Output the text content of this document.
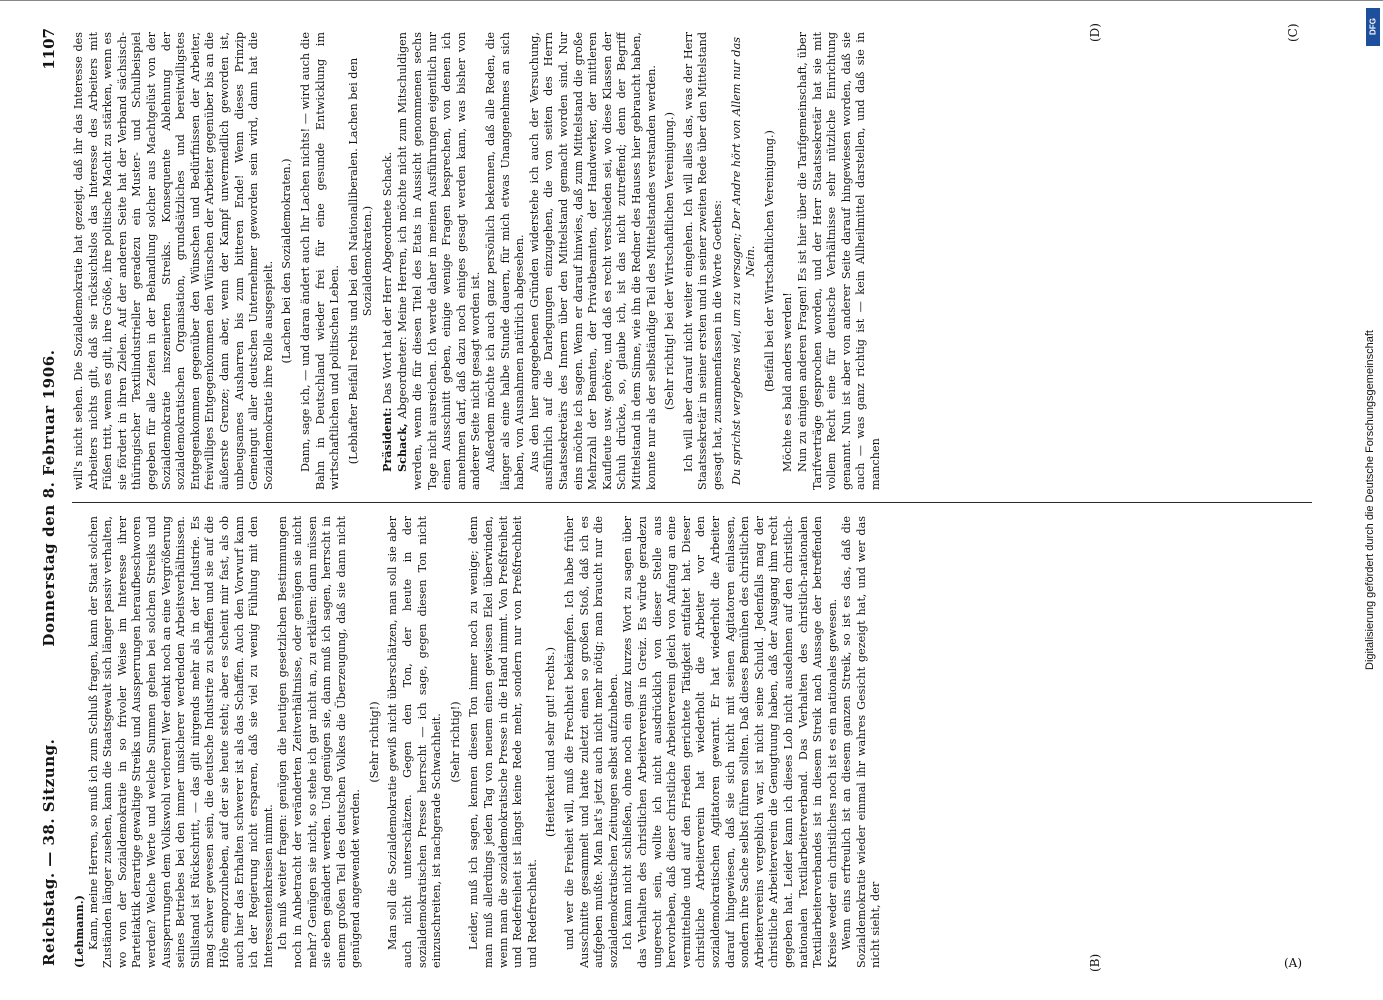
Reichstag. — 38. Sitzung.
Donnerstag den 8. Februar 1906.
1107

(Lehmann.) Kann, meine Herren, so muß ich zum Schluß fragen, kann der Staat solchen Zuständen länger zusehen, kann die Staatsgewalt sich länger passiv verhalten, wo von der Sozialdemokratie in so frivoler Weise im Interesse ihrer Parteitaktik derartige gewaltige Streiks und Aussperrungen heraufbeschworen werden? Welche Werte und welche Summen gehen bei solchen Streiks und Aussperrungen dem Volkswohl verloren! Wer denkt noch an eine Vergrößerung seines Betriebes bei den immer unsicherer werdenden Arbeitsverhältnissen. Stillstand ist Rückschritt, — das gilt nirgends mehr als in der Industrie. Es mag schwer gewesen sein, die deutsche Industrie zu schaffen und sie auf die Höhe emporzuheben, auf der sie heute steht; aber es scheint mir fast, als ob auch hier das Erhalten schwerer ist als das Schaffen. Auch den Vorwurf kann ich der Regierung nicht ersparen, daß sie viel zu wenig Fühlung mit den Interessentenkreisen nimmt. Ich muß weiter fragen: genügen die heutigen gesetzlichen Bestimmungen noch in Anbetracht der veränderten Zeitverhältnisse, oder genügen sie nicht mehr? Genügen sie nicht, so stehe ich gar nicht an, zu erklären: dann müssen sie eben geändert werden. Und genügen sie, dann muß ich sagen, herrscht in einem großen Teil des deutschen Volkes die Überzeugung, daß sie dann nicht genügend angewendet werden.

(Sehr richtig!) Man soll die Sozialdemokratie gewiß nicht überschätzen, man soll sie aber auch nicht unterschätzen. Gegen den Ton, der heute in der sozialdemokratischen Presse herrscht — ich sage, gegen diesen Ton nicht einzuschreiten, ist nachgerade Schwachheit. (Sehr richtig!) Leider, muß ich sagen, kennen diesen Ton immer noch zu wenige; denn man muß allerdings jeden Tag von neuem einen gewissen Ekel überwinden, wenn man die sozialdemokratische Presse in die Hand nimmt. Von Preßfreiheit und Redefreiheit ist längst keine Rede mehr, sondern nur von Preßfrechheit und Redefrechheit.

(Heiterkeit und sehr gut! rechts.) und wer die Freiheit will, muß die Frechheit bekämpfen. Ich habe früher Ausschnitte gesammelt und hatte zuletzt einen so großen Stoß, daß ich es aufgeben mußte. Man hat's jetzt auch nicht mehr nötig; man braucht nur die sozialdemokratischen Zeitungen selbst aufzuheben. Ich kann nicht schließen, ohne noch ein ganz kurzes Wort zu sagen über das Verhalten des christlichen Arbeitervereins in Greiz. Es würde geradezu ungerecht sein, wollte ich nicht ausdrücklich von dieser Stelle aus hervorheben, daß dieser christliche Arbeiterverein gleich von Anfang an eine vermittelnde und auf den Frieden gerichtete Tätigkeit entfaltet hat. Dieser christliche Arbeiterverein hat wiederholt die Arbeiter vor den sozialdemokratischen Agitatoren gewarnt. Er hat wiederholt die Arbeiter darauf hingewiesen, daß sie sich nicht mit seinen Agitatoren einlassen, sondern ihre Sache selbst führen sollten. Daß dieses Bemühen des christlichen Arbeitervereins vergeblich war, ist nicht seine Schuld. Jedenfalls mag der christliche Arbeiterverein die Genugtuung haben, daß der Ausgang ihm recht gegeben hat. Leider kann ich dieses Lob nicht ausdehnen auf den christlich-nationalen Textilarbeiterverband. Das Verhalten des christlich-nationalen Textilarbeiterverbandes ist in diesem Streik nach Aussage der betreffenden Kreise weder ein christliches noch ist es ein nationales gewesen. Wenn eins erfreulich ist an diesem ganzen Streik, so ist es das, daß die Sozialdemokratie wieder einmal ihr wahres Gesicht gezeigt hat, und wer das nicht sieht, der

will's nicht sehen. Die Sozialdemokratie hat gezeigt, daß ihr das Interesse des Arbeiters nichts gilt, daß sie rücksichtslos das Interesse des Arbeiters mit Füßen tritt, wenn es gilt, ihre Größe, ihre politische Macht zu stärken, wenn es sie fördert in ihren Zielen. Auf der anderen Seite hat der Verband sächsisch-thüringischer Textilindustrieller geradezu ein Muster- und Schulbeispiel gegeben für alle Zeiten in der Behandlung solcher aus Machtgelüst von der Sozialdemokratie inszenierten Streiks. Konsequente Ablehnung der sozialdemokratischen Organisation, grundsätzliches und bereitwilligstes Entgegenkommen gegenüber den Wünschen und Bedürfnissen der Arbeiter, freiwilliges Entgegenkommen den Wünschen der Arbeiter gegenüber bis an die äußerste Grenze; dann aber, wenn der Kampf unvermeidlich geworden ist, unbeugsames Ausharren bis zum bitteren Ende! Wenn dieses Prinzip Gemeingut aller deutschen Unternehmer geworden sein wird, dann hat die Sozialdemokratie ihre Rolle ausgespielt. (Lachen bei den Sozialdemokraten.) Dann, sage ich, — und daran ändert auch Ihr Lachen nichts! — wird auch die Bahn in Deutschland wieder frei für eine gesunde Entwicklung im wirtschaftlichen und politischen Leben. (Lebhafter Beifall rechts und bei den Nationalliberalen. Lachen bei den Sozialdemokraten.)

Präsident: Das Wort hat der Herr Abgeordnete Schack.

Schack, Abgeordneter: Meine Herren, ich möchte nicht zum Mitschuldigen werden, wenn die für diesen Titel des Etats in Aussicht genommenen sechs Tage nicht ausreichen. Ich werde daher in meinen Ausführungen eigentlich nur einen Ausschnitt geben, einige wenige Fragen besprechen, von denen ich annehmen darf, daß dazu noch einiges gesagt werden kann, was bisher von anderer Seite nicht gesagt worden ist. Außerdem möchte ich auch ganz persönlich bekennen, daß alle Reden, die länger als eine halbe Stunde dauern, für mich etwas Unangenehmes an sich haben, von Ausnahmen natürlich abgesehen. Aus den hier angegebenen Gründen widerstehe ich auch der Versuchung, ausführlich auf die Darlegungen einzugehen, die von seiten des Herrn Staatssekretärs des Innern über den Mittelstand gemacht worden sind. Nur eins möchte ich sagen. Wenn er darauf hinwies, daß zum Mittelstand die große Mehrzahl der Beamten, der Privatbeamten, der Handwerker, der mittleren Kaufleute usw. gehöre, und daß es recht verschieden sei, wo diese Klassen der Schuh drücke, so, glaube ich, ist das nicht zutreffend; denn der Begriff Mittelstand in dem Sinne, wie ihn die Redner des Hauses hier gebraucht haben, konnte nur als der selbständige Teil des Mittelstandes verstanden werden. (Sehr richtig! bei der Wirtschaftlichen Vereinigung.) Ich will aber darauf nicht weiter eingehen. Ich will alles das, was der Herr Staatssekretär in seiner ersten und in seiner zweiten Rede über den Mittelstand gesagt hat, zusammenfassen in die Worte Goethes: Du sprichst vergebens viel, um zu versagen; Der Andre hört von Allem nur das Nein. (Beifall bei der Wirtschaftlichen Vereinigung.) Möchte es bald anders werden! Nun zu einigen anderen Fragen! Es ist hier über die Tarifgemeinschaft, über Tarifverträge gesprochen worden, und der Herr Staatssekretär hat sie mit vollem Recht eine für deutsche Verhältnisse sehr nützliche Einrichtung genannt. Nun ist aber von anderer Seite darauf hingewiesen worden, daß sie auch — was ganz richtig ist — kein Allheilmittel darstellen, und daß sie in manchen

(A)
(B)
(C)
(D)
Digitalisierung gefördert durch die Deutsche Forschungsgemeinschaft
DFG
